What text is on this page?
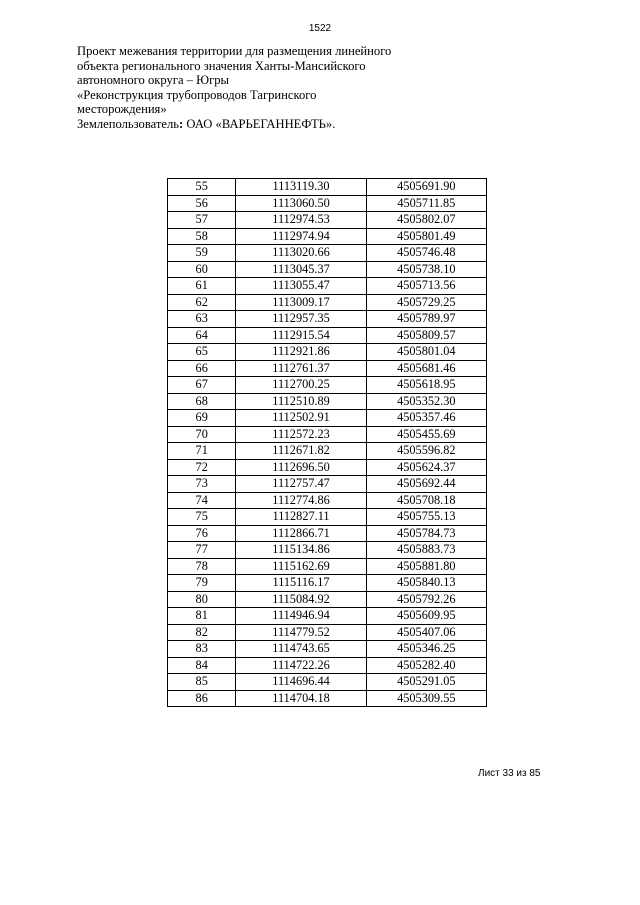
1522
Проект межевания территории для размещения линейного
объекта регионального значения Ханты-Мансийского
автономного округа – Югры
«Реконструкция трубопроводов Тагринского
месторождения»
Землепользователь: ОАО «ВАРЬЕГАННЕФТЬ».
55	1113119.30	4505691.90
56	1113060.50	4505711.85
57	1112974.53	4505802.07
58	1112974.94	4505801.49
59	1113020.66	4505746.48
60	1113045.37	4505738.10
61	1113055.47	4505713.56
62	1113009.17	4505729.25
63	1112957.35	4505789.97
64	1112915.54	4505809.57
65	1112921.86	4505801.04
66	1112761.37	4505681.46
67	1112700.25	4505618.95
68	1112510.89	4505352.30
69	1112502.91	4505357.46
70	1112572.23	4505455.69
71	1112671.82	4505596.82
72	1112696.50	4505624.37
73	1112757.47	4505692.44
74	1112774.86	4505708.18
75	1112827.11	4505755.13
76	1112866.71	4505784.73
77	1115134.86	4505883.73
78	1115162.69	4505881.80
79	1115116.17	4505840.13
80	1115084.92	4505792.26
81	1114946.94	4505609.95
82	1114779.52	4505407.06
83	1114743.65	4505346.25
84	1114722.26	4505282.40
85	1114696.44	4505291.05
86	1114704.18	4505309.55
Лист 33 из 85
